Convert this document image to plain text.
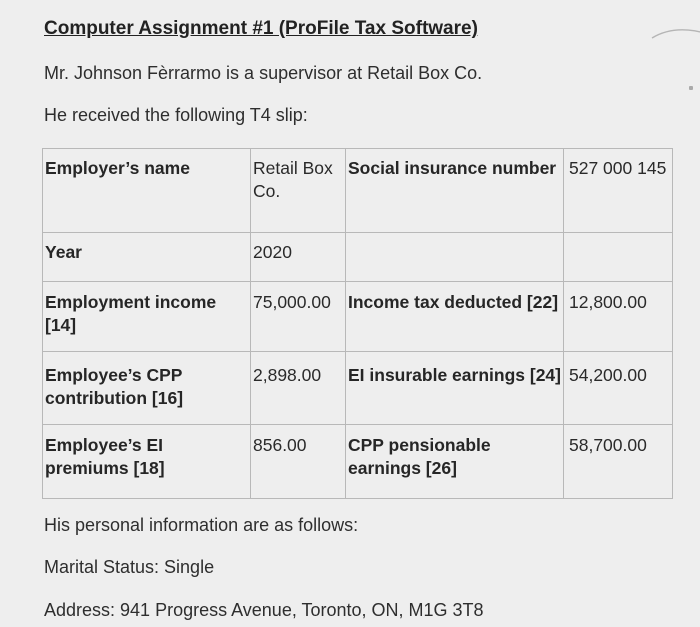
Computer Assignment #1 (ProFile Tax Software)
Mr. Johnson Fèrrarmo is a supervisor at Retail Box Co.
He received the following T4 slip:
Employer’s name	Retail Box Co.	Social insurance number	527 000 145
Year	2020		
Employment income [14]	75,000.00	Income tax deducted [22]	12,800.00
Employee’s CPP contribution [16]	2,898.00	EI insurable earnings [24]	54,200.00
Employee’s EI premiums [18]	856.00	CPP pensionable earnings [26]	58,700.00
His personal information are as follows:
Marital Status: Single
Address: 941 Progress Avenue, Toronto, ON, M1G 3T8
